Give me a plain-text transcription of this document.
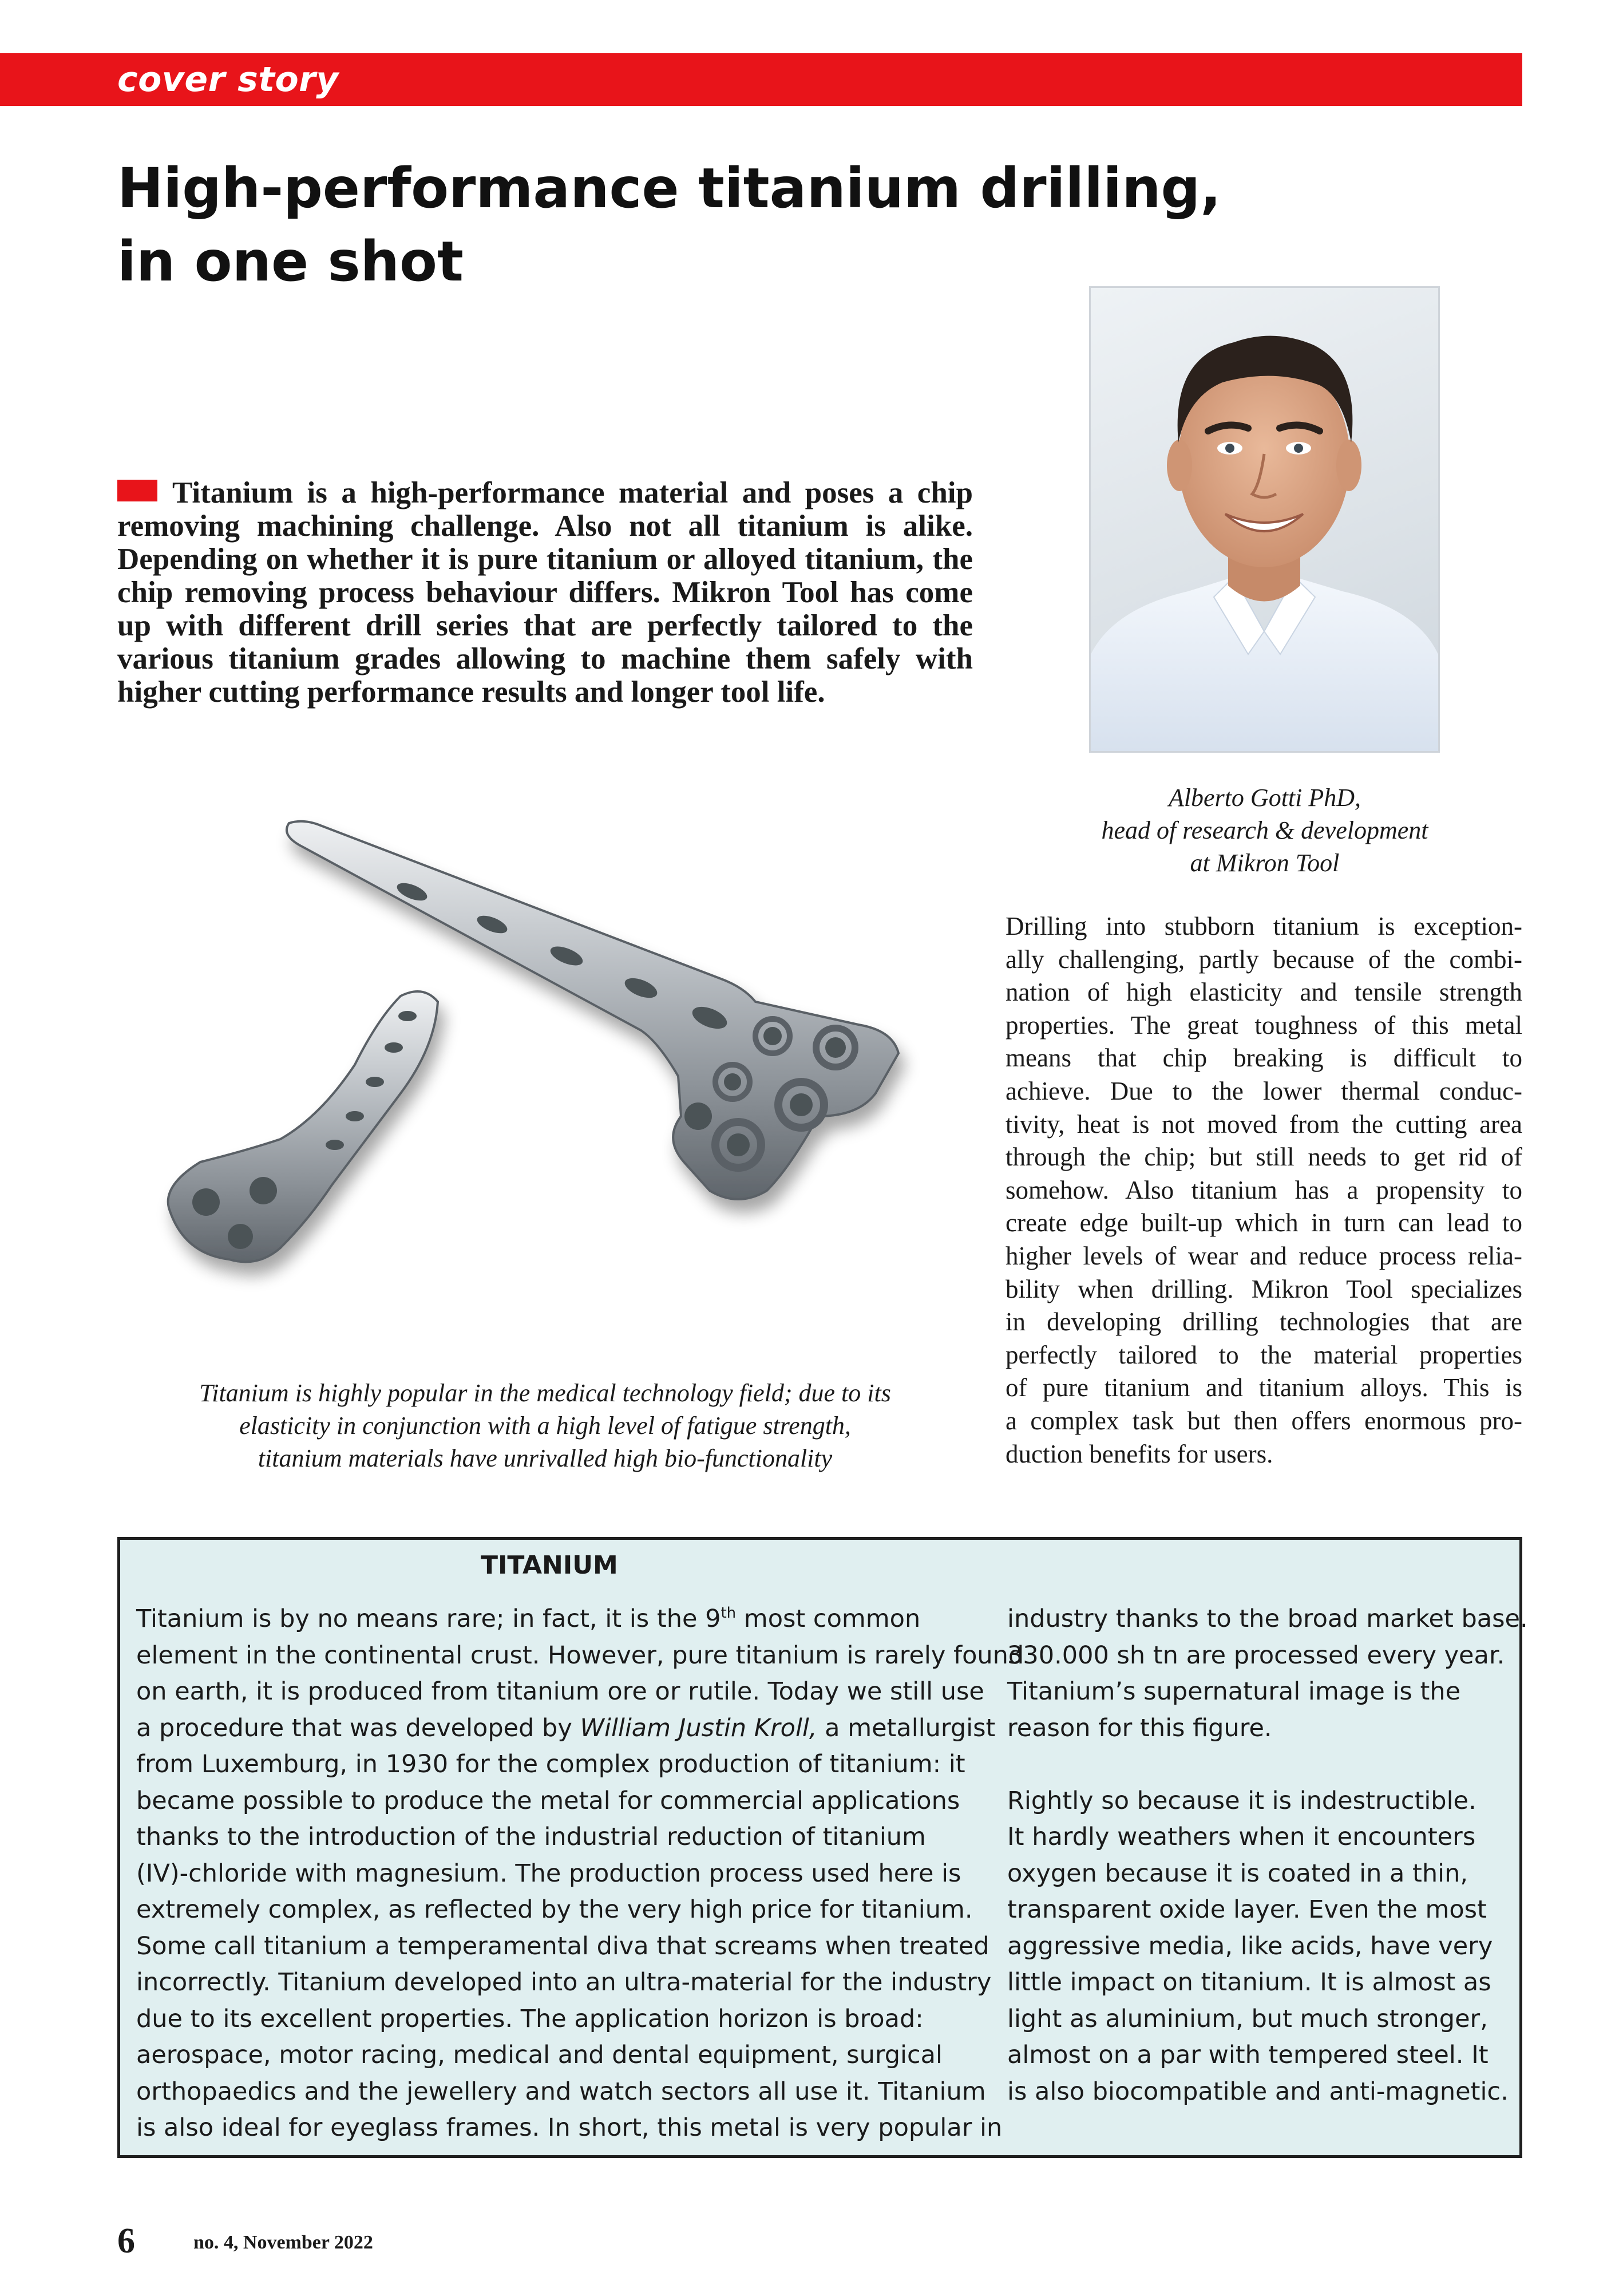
cover story
High-performance titanium drilling,
in one shot

Titanium is a high-performance material and poses a chip removing machining challenge. Also not all titanium is alike. Depending on whether it is pure titanium or alloyed titanium, the chip removing process behaviour differs. Mikron Tool has come up with different drill series that are perfectly tailored to the various titanium grades allowing to machine them safely with higher cutting performance results and longer tool life.

Alberto Gotti PhD,
head of research & development
at Mikron Tool
Titanium is highly popular in the medical technology field; due to its
elasticity in conjunction with a high level of fatigue strength,
titanium materials have unrivalled high bio-functionality
Drilling into stubborn titanium is exception-
ally challenging, partly because of the combi-
nation of high elasticity and tensile strength
properties. The great toughness of this metal
means that chip breaking is difficult to
achieve. Due to the lower thermal conduc-
tivity, heat is not moved from the cutting area
through the chip; but still needs to get rid of
somehow. Also titanium has a propensity to
create edge built-up which in turn can lead to
higher levels of wear and reduce process relia-
bility when drilling. Mikron Tool specializes
in developing drilling technologies that are
perfectly tailored to the material properties
of pure titanium and titanium alloys. This is
a complex task but then offers enormous pro-
duction benefits for users.
TITANIUM
Titanium is by no means rare; in fact, it is the 9th most common
element in the continental crust. However, pure titanium is rarely found
on earth, it is produced from titanium ore or rutile. Today we still use
a procedure that was developed by William Justin Kroll, a metallurgist
from Luxemburg, in 1930 for the complex production of titanium: it
became possible to produce the metal for commercial applications
thanks to the introduction of the industrial reduction of titanium
(IV)-chloride with magnesium. The production process used here is
extremely complex, as reflected by the very high price for titanium.
Some call titanium a temperamental diva that screams when treated
incorrectly. Titanium developed into an ultra-material for the industry
due to its excellent properties. The application horizon is broad:
aerospace, motor racing, medical and dental equipment, surgical
orthopaedics and the jewellery and watch sectors all use it. Titanium
is also ideal for eyeglass frames. In short, this metal is very popular in
industry thanks to the broad market base.
330.000 sh tn are processed every year.
Titanium’s supernatural image is the
reason for this figure.
Rightly so because it is indestructible.
It hardly weathers when it encounters
oxygen because it is coated in a thin,
transparent oxide layer. Even the most
aggressive media, like acids, have very
little impact on titanium. It is almost as
light as aluminium, but much stronger,
almost on a par with tempered steel. It
is also biocompatible and anti-magnetic.
6	no. 4, November 2022
